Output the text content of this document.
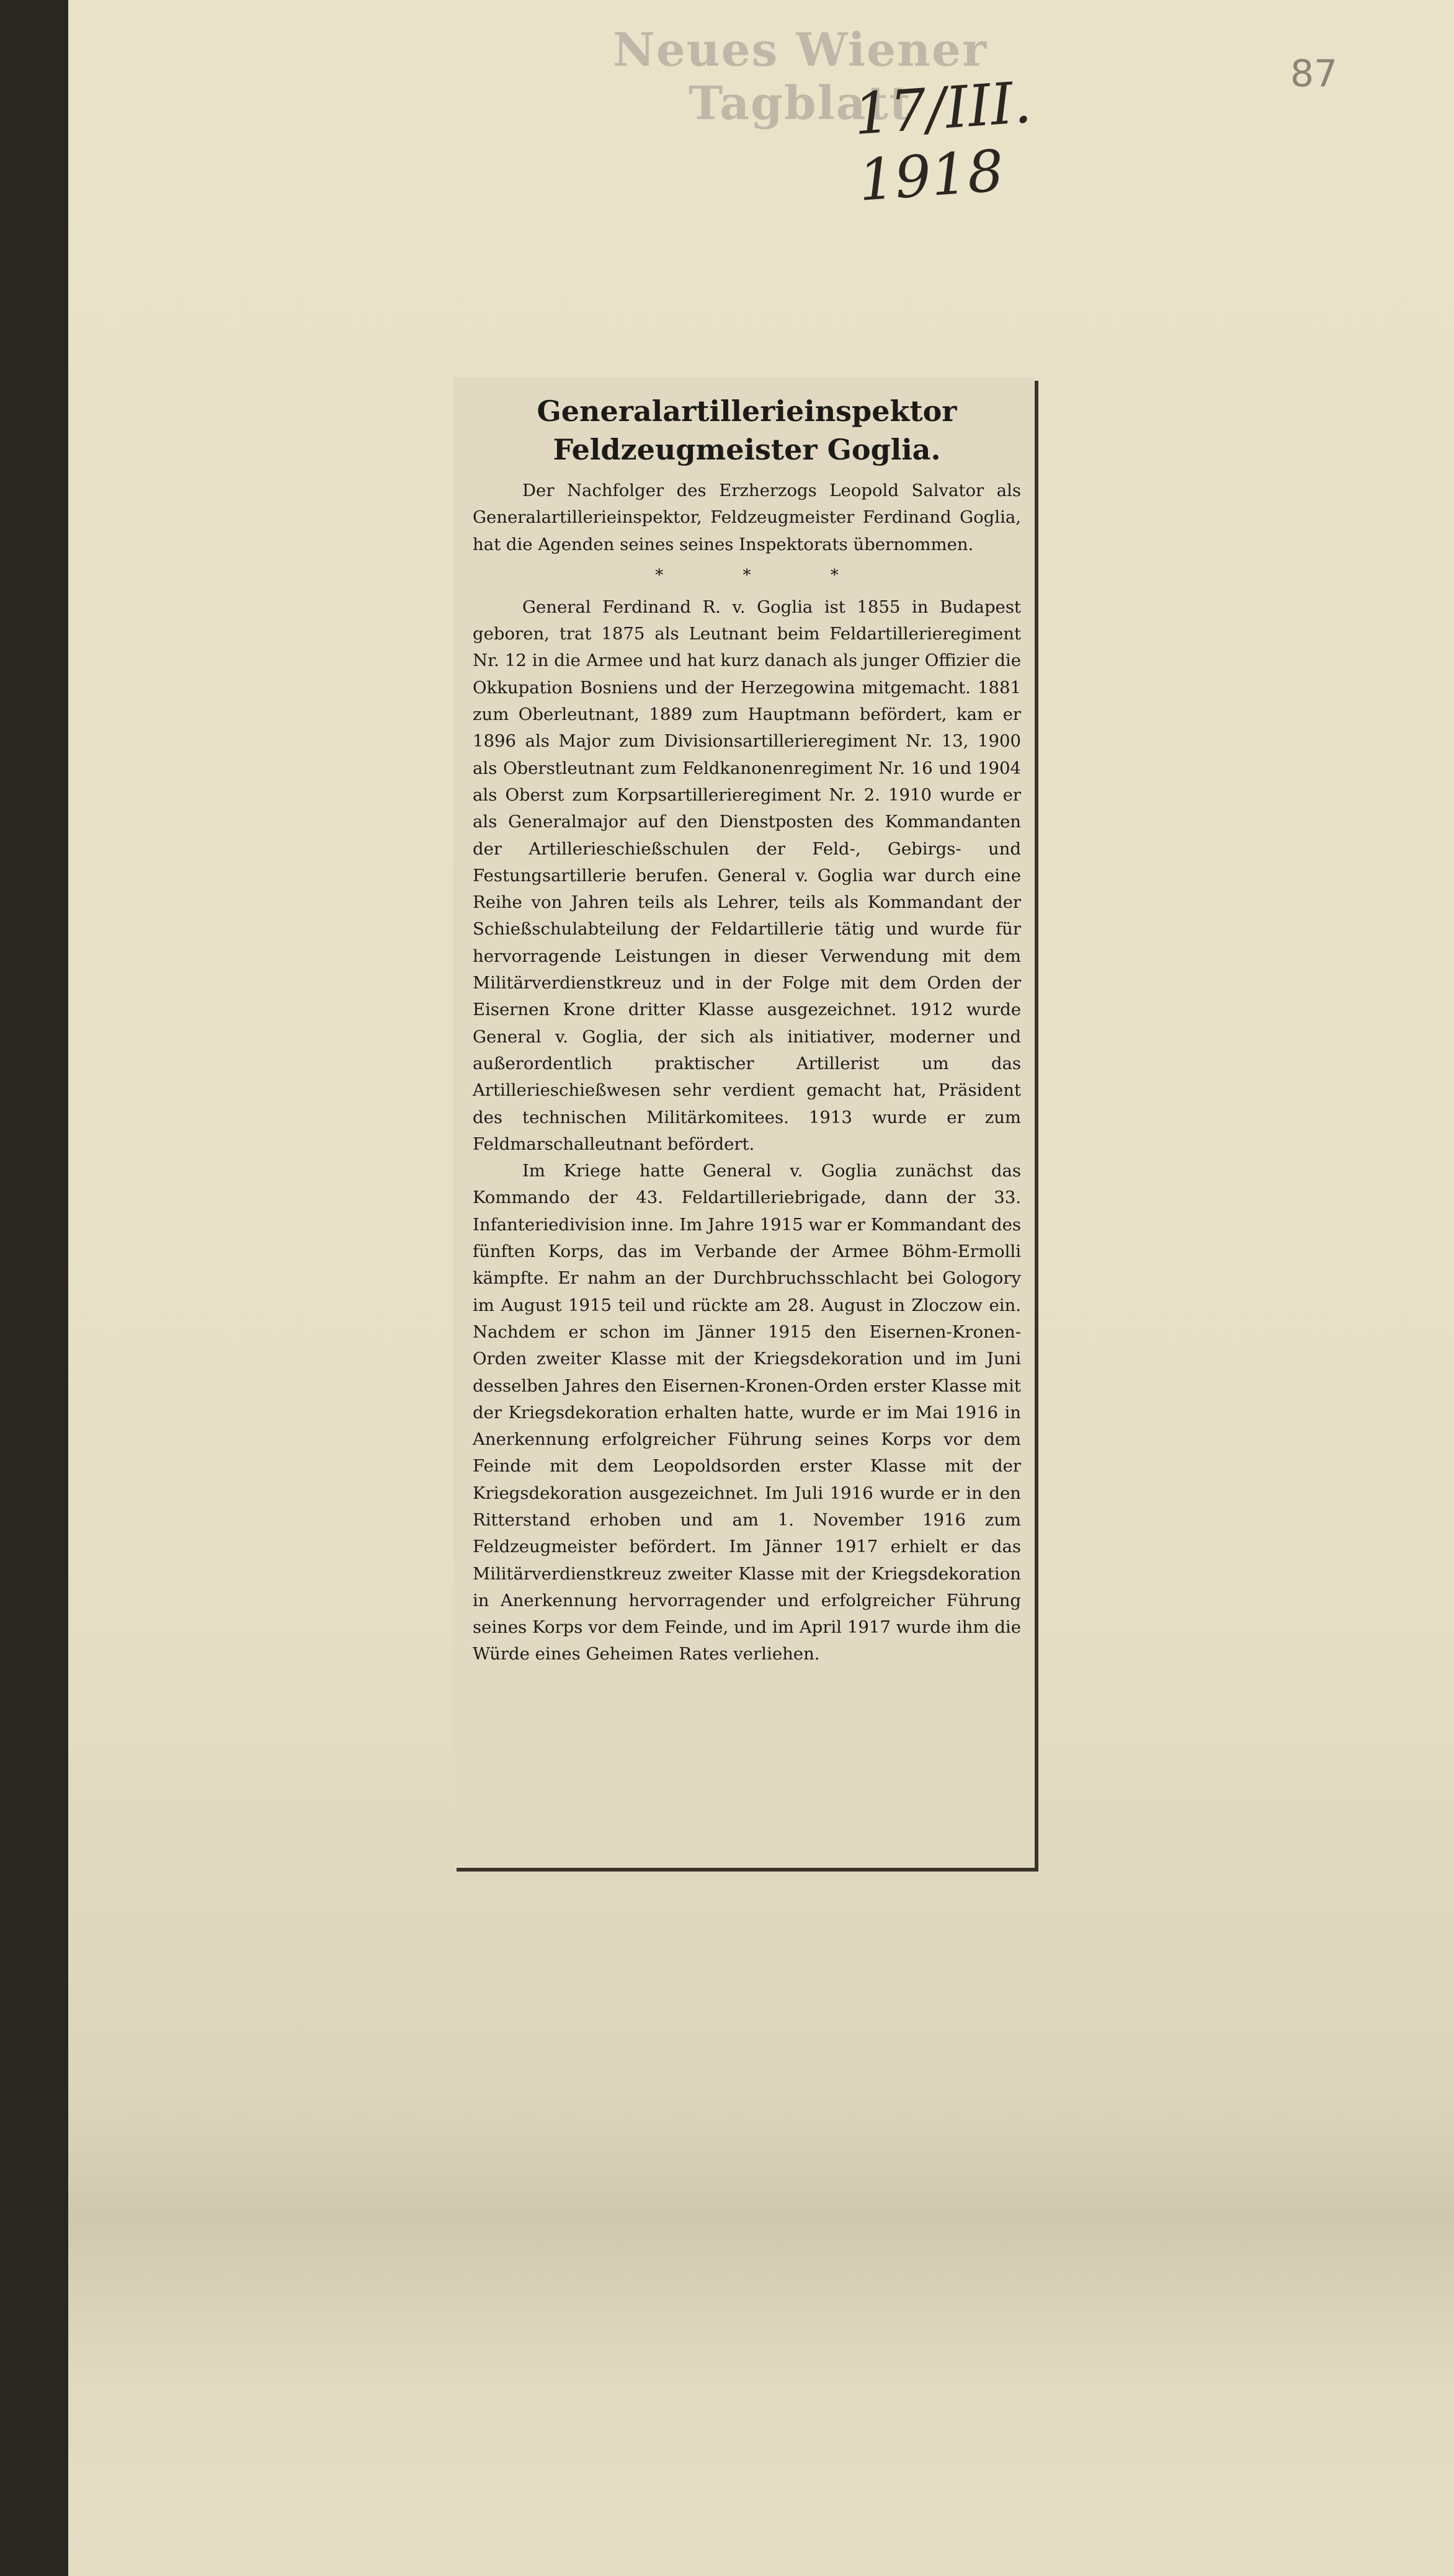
Neues Wiener Tagblatt
17/III. 1918
87
Generalartillerieinspektor Feldzeugmeister Goglia.

Der Nachfolger des Erzherzogs Leopold Salvator als Generalartillerieinspektor, Feldzeugmeister Ferdinand Goglia, hat die Agenden seines seines Inspektorats übernommen.

* * *

General Ferdinand R. v. Goglia ist 1855 in Budapest geboren, trat 1875 als Leutnant beim Feldartillerieregiment Nr. 12 in die Armee und hat kurz danach als junger Offizier die Okkupation Bosniens und der Herzegowina mitgemacht. 1881 zum Oberleutnant, 1889 zum Hauptmann befördert, kam er 1896 als Major zum Divisionsartillerieregiment Nr. 13, 1900 als Oberstleutnant zum Feldkanonenregiment Nr. 16 und 1904 als Oberst zum Korpsartillerieregiment Nr. 2. 1910 wurde er als Generalmajor auf den Dienstposten des Kommandanten der Artillerieschießschulen der Feld-, Gebirgs- und Festungsartillerie berufen. General v. Goglia war durch eine Reihe von Jahren teils als Lehrer, teils als Kommandant der Schießschulabteilung der Feldartillerie tätig und wurde für hervorragende Leistungen in dieser Verwendung mit dem Militärverdienstkreuz und in der Folge mit dem Orden der Eisernen Krone dritter Klasse ausgezeichnet. 1912 wurde General v. Goglia, der sich als initiativer, moderner und außerordentlich praktischer Artillerist um das Artillerieschießwesen sehr verdient gemacht hat, Präsident des technischen Militärkomitees. 1913 wurde er zum Feldmarschalleutnant befördert.

Im Kriege hatte General v. Goglia zunächst das Kommando der 43. Feldartilleriebrigade, dann der 33. Infanteriedivision inne. Im Jahre 1915 war er Kommandant des fünften Korps, das im Verbande der Armee Böhm-Ermolli kämpfte. Er nahm an der Durchbruchsschlacht bei Gologory im August 1915 teil und rückte am 28. August in Zloczow ein. Nachdem er schon im Jänner 1915 den Eisernen-Kronen-Orden zweiter Klasse mit der Kriegsdekoration und im Juni desselben Jahres den Eisernen-Kronen-Orden erster Klasse mit der Kriegsdekoration erhalten hatte, wurde er im Mai 1916 in Anerkennung erfolgreicher Führung seines Korps vor dem Feinde mit dem Leopoldsorden erster Klasse mit der Kriegsdekoration ausgezeichnet. Im Juli 1916 wurde er in den Ritterstand erhoben und am 1. November 1916 zum Feldzeugmeister befördert. Im Jänner 1917 erhielt er das Militärverdienstkreuz zweiter Klasse mit der Kriegsdekoration in Anerkennung hervorragender und erfolgreicher Führung seines Korps vor dem Feinde, und im April 1917 wurde ihm die Würde eines Geheimen Rates verliehen.
